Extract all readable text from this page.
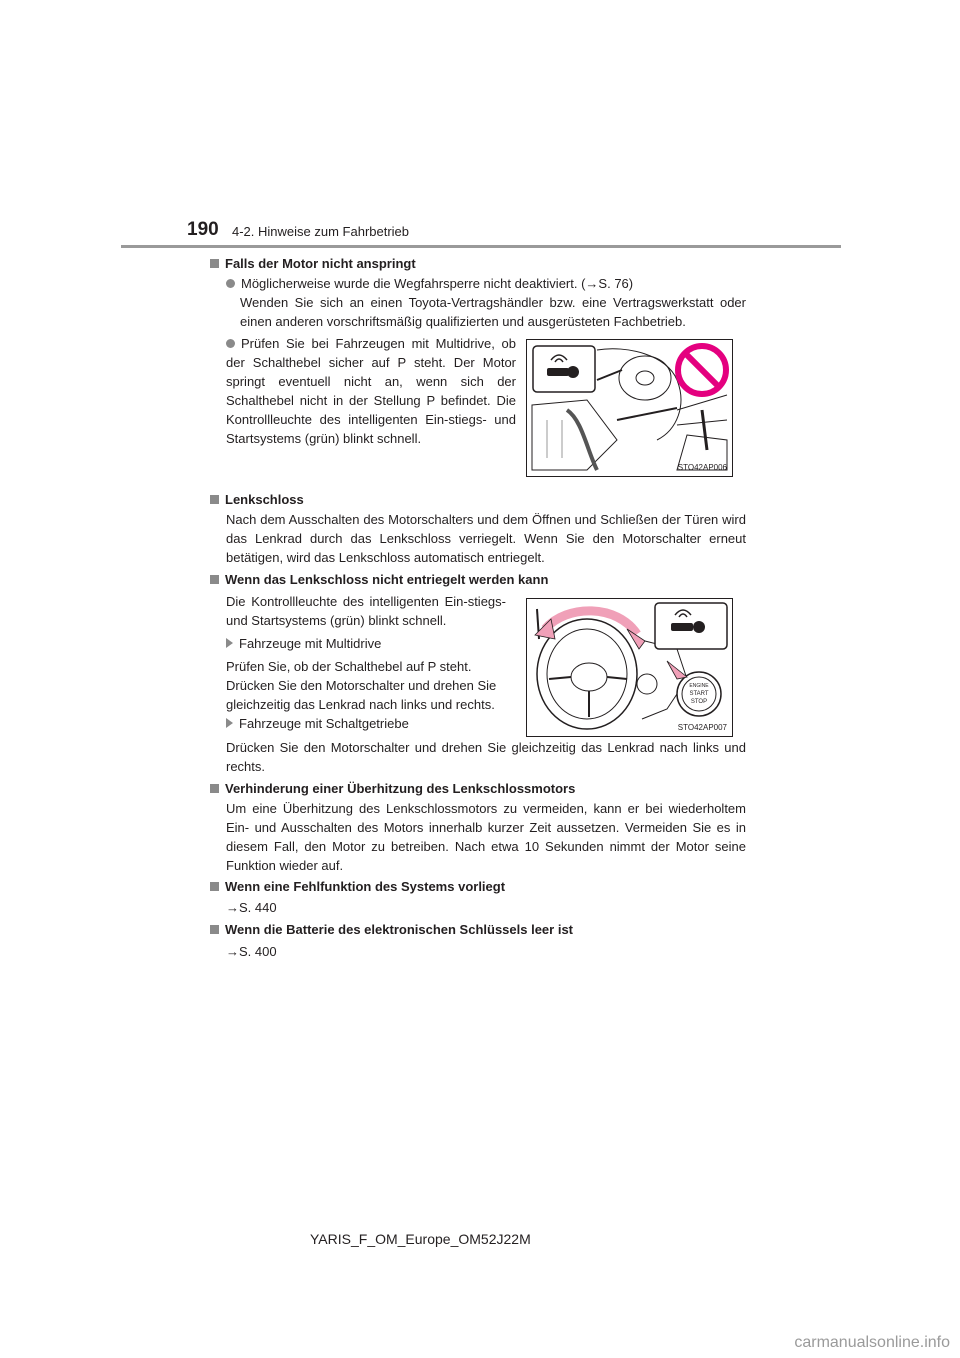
190 4-2. Hinweise zum Fahrbetrieb
Falls der Motor nicht anspringt
Möglicherweise wurde die Wegfahrsperre nicht deaktiviert. (→S. 76)
Wenden Sie sich an einen Toyota-Vertragshändler bzw. eine Vertragswerkstatt oder einen anderen vorschriftsmäßig qualifizierten und ausgerüsteten Fachbetrieb.
Prüfen Sie bei Fahrzeugen mit Multidrive, ob der Schalthebel sicher auf P steht. Der Motor springt eventuell nicht an, wenn sich der Schalthebel nicht in der Stellung P befindet. Die Kontrollleuchte des intelligenten Ein-stiegs- und Startsystems (grün) blinkt schnell.
STO42AP006
Lenkschloss
Nach dem Ausschalten des Motorschalters und dem Öffnen und Schließen der Türen wird das Lenkrad durch das Lenkschloss verriegelt. Wenn Sie den Motorschalter erneut betätigen, wird das Lenkschloss automatisch entriegelt.
Wenn das Lenkschloss nicht entriegelt werden kann
Die Kontrollleuchte des intelligenten Ein-stiegs- und Startsystems (grün) blinkt schnell.
Fahrzeuge mit Multidrive
Prüfen Sie, ob der Schalthebel auf P steht. Drücken Sie den Motorschalter und drehen Sie gleichzeitig das Lenkrad nach links und rechts.
Fahrzeuge mit Schaltgetriebe
Drücken Sie den Motorschalter und drehen Sie gleichzeitig das Lenkrad nach links und rechts.
ENGINE
START
STOP
STO42AP007
Verhinderung einer Überhitzung des Lenkschlossmotors
Um eine Überhitzung des Lenkschlossmotors zu vermeiden, kann er bei wiederholtem Ein- und Ausschalten des Motors innerhalb kurzer Zeit aussetzen. Vermeiden Sie es in diesem Fall, den Motor zu betreiben. Nach etwa 10 Sekunden nimmt der Motor seine Funktion wieder auf.
Wenn eine Fehlfunktion des Systems vorliegt
→S. 440
Wenn die Batterie des elektronischen Schlüssels leer ist
→S. 400
YARIS_F_OM_Europe_OM52J22M
carmanualsonline.info
